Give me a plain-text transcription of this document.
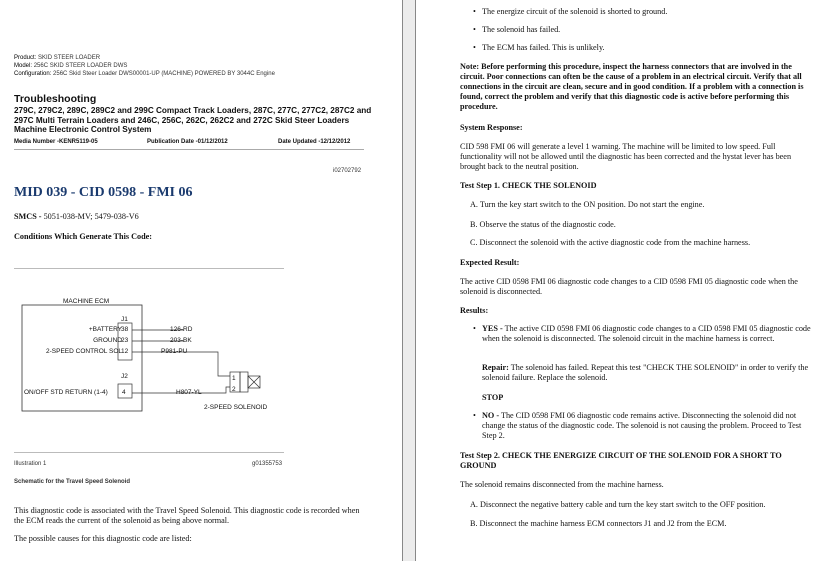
Product: SKID STEER LOADER
Model: 256C SKID STEER LOADER DWS
Configuration: 256C Skid Steer Loader DWS00001-UP (MACHINE) POWERED BY 3044C Engine
Troubleshooting
279C, 279C2, 289C, 289C2 and 299C Compact Track Loaders, 287C, 277C, 277C2, 287C2 and 297C Multi Terrain Loaders and 246C, 256C, 262C, 262C2 and 272C Skid Steer Loaders Machine Electronic Control System
Media Number -KENR5119-05	Publication Date -01/12/2012	Date Updated -12/12/2012
i02702792
MID 039 - CID 0598 - FMI 06
SMCS - 5051-038-MV; 5479-038-V6
Conditions Which Generate This Code:
MACHINE ECM
J1
J2
+BATTERY 38	126-RD
GROUND 23	203-BK
2-SPEED CONTROL SOL 12	P981-PU
ON/OFF STD RETURN (1-4) 4	H807-YL
1
2
2-SPEED SOLENOID
Illustration 1	g01355753
Schematic for the Travel Speed Solenoid
This diagnostic code is associated with the Travel Speed Solenoid. This diagnostic code is recorded when the ECM reads the current of the solenoid as being above normal.
The possible causes for this diagnostic code are listed:
• The energize circuit of the solenoid is shorted to ground.
• The solenoid has failed.
• The ECM has failed. This is unlikely.
Note: Before performing this procedure, inspect the harness connectors that are involved in the circuit. Poor connections can often be the cause of a problem in an electrical circuit. Verify that all connections in the circuit are clean, secure and in good condition. If a problem with a connection is found, correct the problem and verify that this diagnostic code is active before performing this procedure.
System Response:
CID 598 FMI 06 will generate a level 1 warning. The machine will be limited to low speed. Full functionality will not be allowed until the diagnostic has been corrected and the hystat lever has been brought back to the neutral position.
Test Step 1. CHECK THE SOLENOID
A. Turn the key start switch to the ON position. Do not start the engine.
B. Observe the status of the diagnostic code.
C. Disconnect the solenoid with the active diagnostic code from the machine harness.
Expected Result:
The active CID 0598 FMI 06 diagnostic code changes to a CID 0598 FMI 05 diagnostic code when the solenoid is disconnected.
Results:
• YES - The active CID 0598 FMI 06 diagnostic code changes to a CID 0598 FMI 05 diagnostic code when the solenoid is disconnected. The solenoid circuit in the machine harness is correct.
Repair: The solenoid has failed. Repeat this test "CHECK THE SOLENOID" in order to verify the solenoid failure. Replace the solenoid.
STOP
• NO - The CID 0598 FMI 06 diagnostic code remains active. Disconnecting the solenoid did not change the status of the diagnostic code. The solenoid is not causing the problem. Proceed to Test Step 2.
Test Step 2. CHECK THE ENERGIZE CIRCUIT OF THE SOLENOID FOR A SHORT TO GROUND
The solenoid remains disconnected from the machine harness.
A. Disconnect the negative battery cable and turn the key start switch to the OFF position.
B. Disconnect the machine harness ECM connectors J1 and J2 from the ECM.
